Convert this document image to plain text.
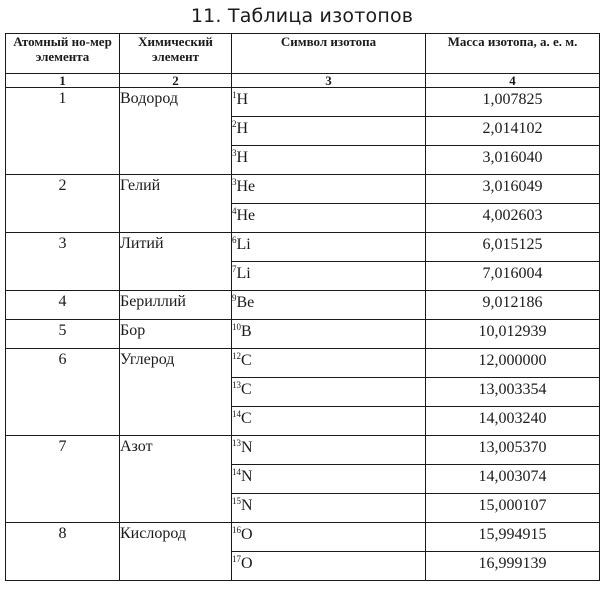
11. Таблица изотопов
Атомный но-мер элемента	Химический элемент	Символ изотопа	Масса изотопа, а. е. м.
1	2	3	4
1	Водород	$^1$H	1,007825
		$^2$H	2,014102
		$^3$H	3,016040
2	Гелий	$^3$He	3,016049
		$^4$He	4,002603
3	Литий	$^6$Li	6,015125
		$^7$Li	7,016004
4	Бериллий	$^9$Be	9,012186
5	Бор	$^{10}$B	10,012939
6	Углерод	$^{12}$C	12,000000
		$^{13}$C	13,003354
		$^{14}$C	14,003240
7	Азот	$^{13}$N	13,005370
		$^{14}$N	14,003074
		$^{15}$N	15,000107
8	Кислород	$^{16}$O	15,994915
		$^{17}$O	16,999139
